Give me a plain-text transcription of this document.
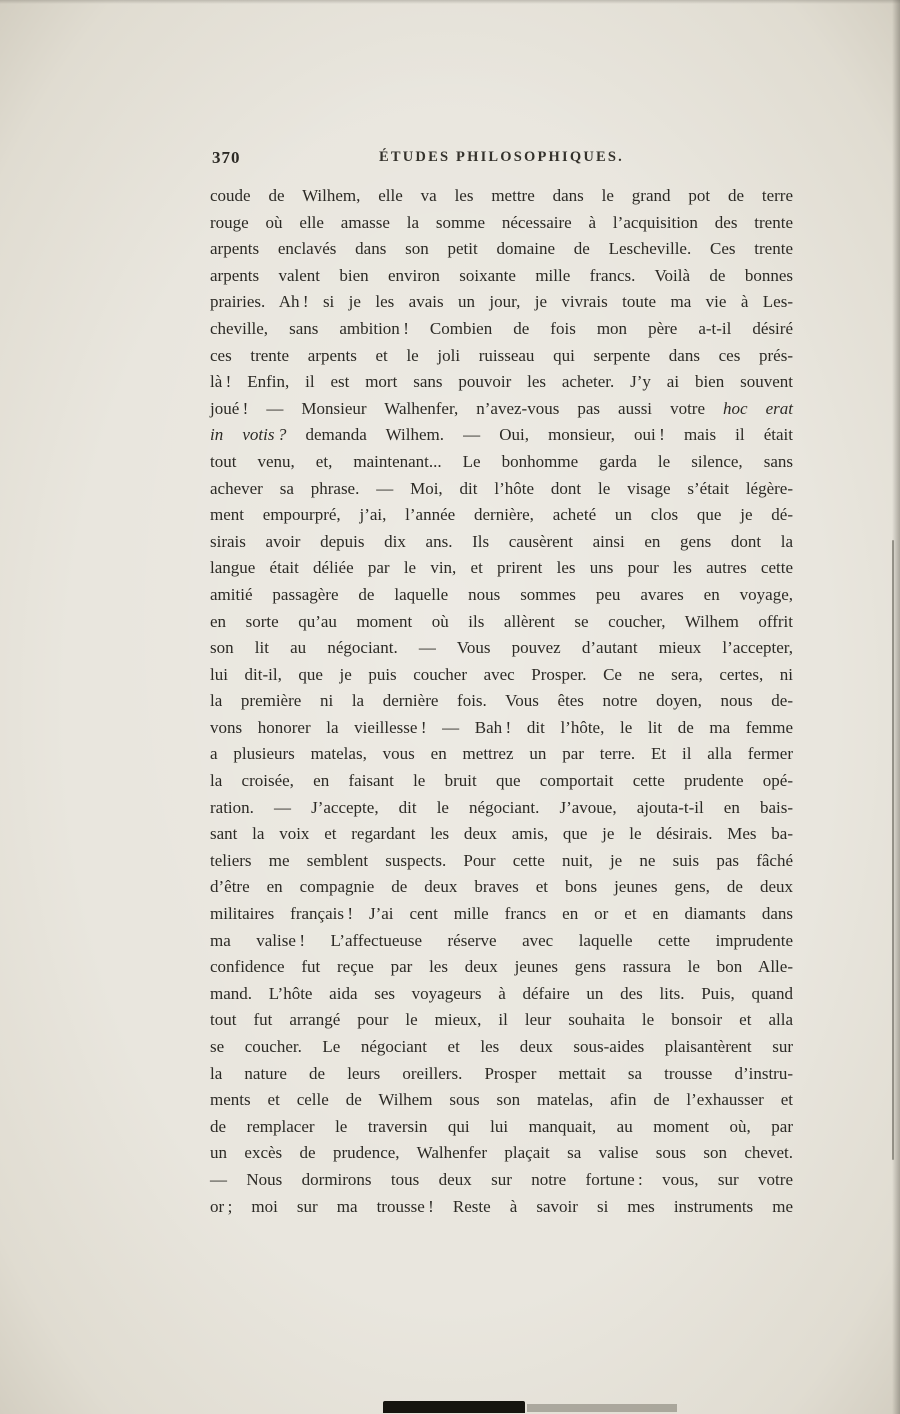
370	ÉTUDES PHILOSOPHIQUES.
coude de Wilhem, elle va les mettre dans le grand pot de terre
rouge où elle amasse la somme nécessaire à l’acquisition des trente
arpents enclavés dans son petit domaine de Lescheville. Ces trente
arpents valent bien environ soixante mille francs. Voilà de bonnes
prairies. Ah ! si je les avais un jour, je vivrais toute ma vie à Les-
cheville, sans ambition ! Combien de fois mon père a-t-il désiré
ces trente arpents et le joli ruisseau qui serpente dans ces prés-
là ! Enfin, il est mort sans pouvoir les acheter. J’y ai bien souvent
joué ! — Monsieur Walhenfer, n’avez-vous pas aussi votre hoc erat
in votis ? demanda Wilhem. — Oui, monsieur, oui ! mais il était
tout venu, et, maintenant... Le bonhomme garda le silence, sans
achever sa phrase. — Moi, dit l’hôte dont le visage s’était légère-
ment empourpré, j’ai, l’année dernière, acheté un clos que je dé-
sirais avoir depuis dix ans. Ils causèrent ainsi en gens dont la
langue était déliée par le vin, et prirent les uns pour les autres cette
amitié passagère de laquelle nous sommes peu avares en voyage,
en sorte qu’au moment où ils allèrent se coucher, Wilhem offrit
son lit au négociant. — Vous pouvez d’autant mieux l’accepter,
lui dit-il, que je puis coucher avec Prosper. Ce ne sera, certes, ni
la première ni la dernière fois. Vous êtes notre doyen, nous de-
vons honorer la vieillesse ! — Bah ! dit l’hôte, le lit de ma femme
a plusieurs matelas, vous en mettrez un par terre. Et il alla fermer
la croisée, en faisant le bruit que comportait cette prudente opé-
ration. — J’accepte, dit le négociant. J’avoue, ajouta-t-il en bais-
sant la voix et regardant les deux amis, que je le désirais. Mes ba-
teliers me semblent suspects. Pour cette nuit, je ne suis pas fâché
d’être en compagnie de deux braves et bons jeunes gens, de deux
militaires français ! J’ai cent mille francs en or et en diamants dans
ma valise ! L’affectueuse réserve avec laquelle cette imprudente
confidence fut reçue par les deux jeunes gens rassura le bon Alle-
mand. L’hôte aida ses voyageurs à défaire un des lits. Puis, quand
tout fut arrangé pour le mieux, il leur souhaita le bonsoir et alla
se coucher. Le négociant et les deux sous-aides plaisantèrent sur
la nature de leurs oreillers. Prosper mettait sa trousse d’instru-
ments et celle de Wilhem sous son matelas, afin de l’exhausser et
de remplacer le traversin qui lui manquait, au moment où, par
un excès de prudence, Walhenfer plaçait sa valise sous son chevet.
— Nous dormirons tous deux sur notre fortune : vous, sur votre
or ; moi sur ma trousse ! Reste à savoir si mes instruments me
